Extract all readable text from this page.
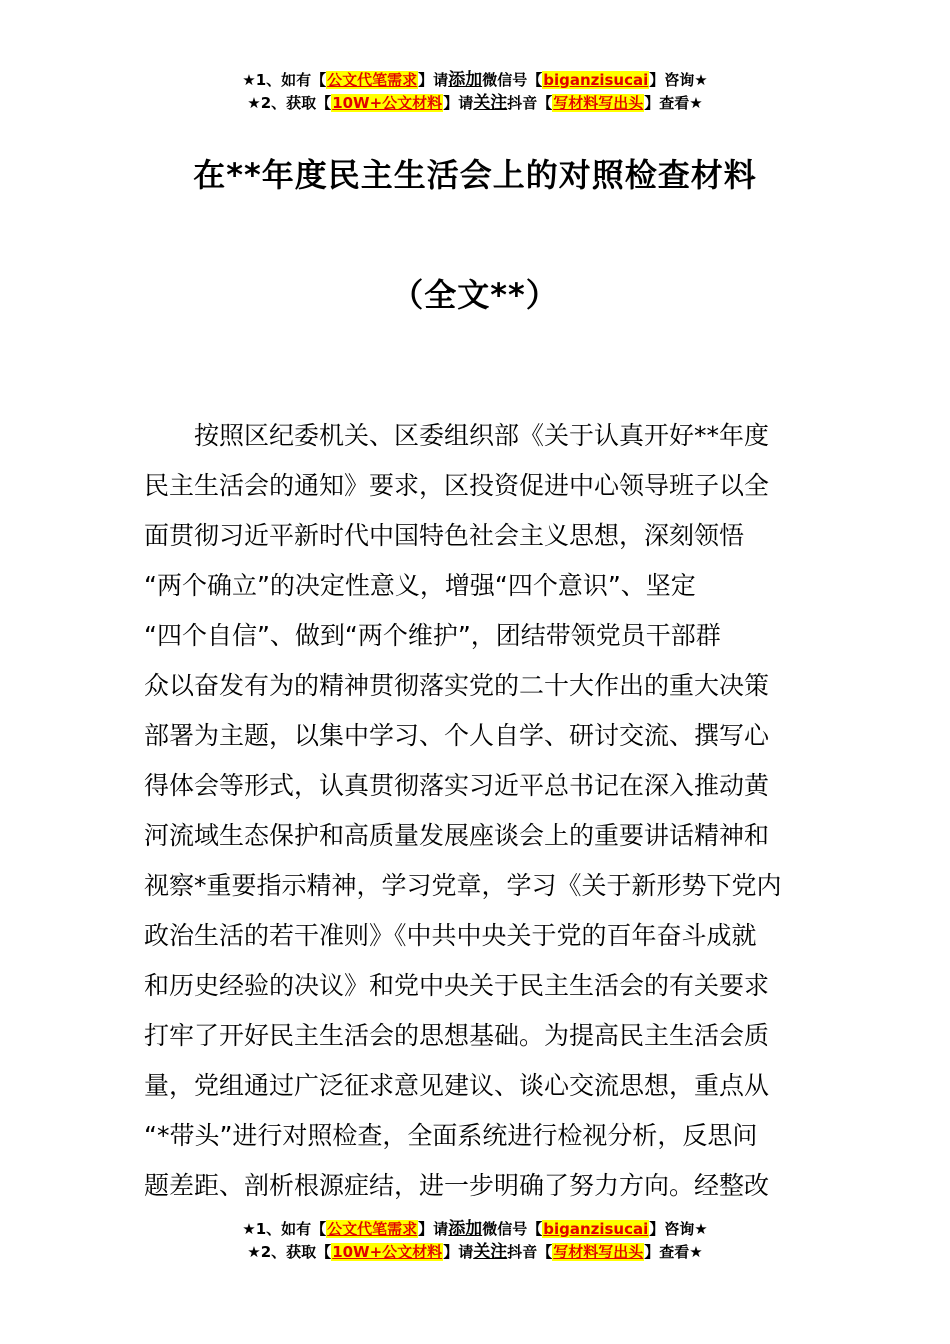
★1、如有【公文代笔需求】请添加微信号【biganzisucai】咨询★
★2、获取【10W+公文材料】请关注抖音【写材料写出头】查看★
在**年度民主生活会上的对照检查材料
（全文**）
　　按照区纪委机关、区委组织部《关于认真开好**年度
民主生活会的通知》要求，区投资促进中心领导班子以全
面贯彻习近平新时代中国特色社会主义思想，深刻领悟
“两个确立”的决定性意义，增强“四个意识”、坚定
“四个自信”、做到“两个维护”，团结带领党员干部群
众以奋发有为的精神贯彻落实党的二十大作出的重大决策
部署为主题，以集中学习、个人自学、研讨交流、撰写心
得体会等形式，认真贯彻落实习近平总书记在深入推动黄
河流域生态保护和高质量发展座谈会上的重要讲话精神和
视察*重要指示精神，学习党章，学习《关于新形势下党内
政治生活的若干准则》《中共中央关于党的百年奋斗成就
和历史经验的决议》和党中央关于民主生活会的有关要求
打牢了开好民主生活会的思想基础。为提高民主生活会质
量，党组通过广泛征求意见建议、谈心交流思想，重点从
“*带头”进行对照检查，全面系统进行检视分析，反思问
题差距、剖析根源症结，进一步明确了努力方向。经整改
★1、如有【公文代笔需求】请添加微信号【biganzisucai】咨询★
★2、获取【10W+公文材料】请关注抖音【写材料写出头】查看★
